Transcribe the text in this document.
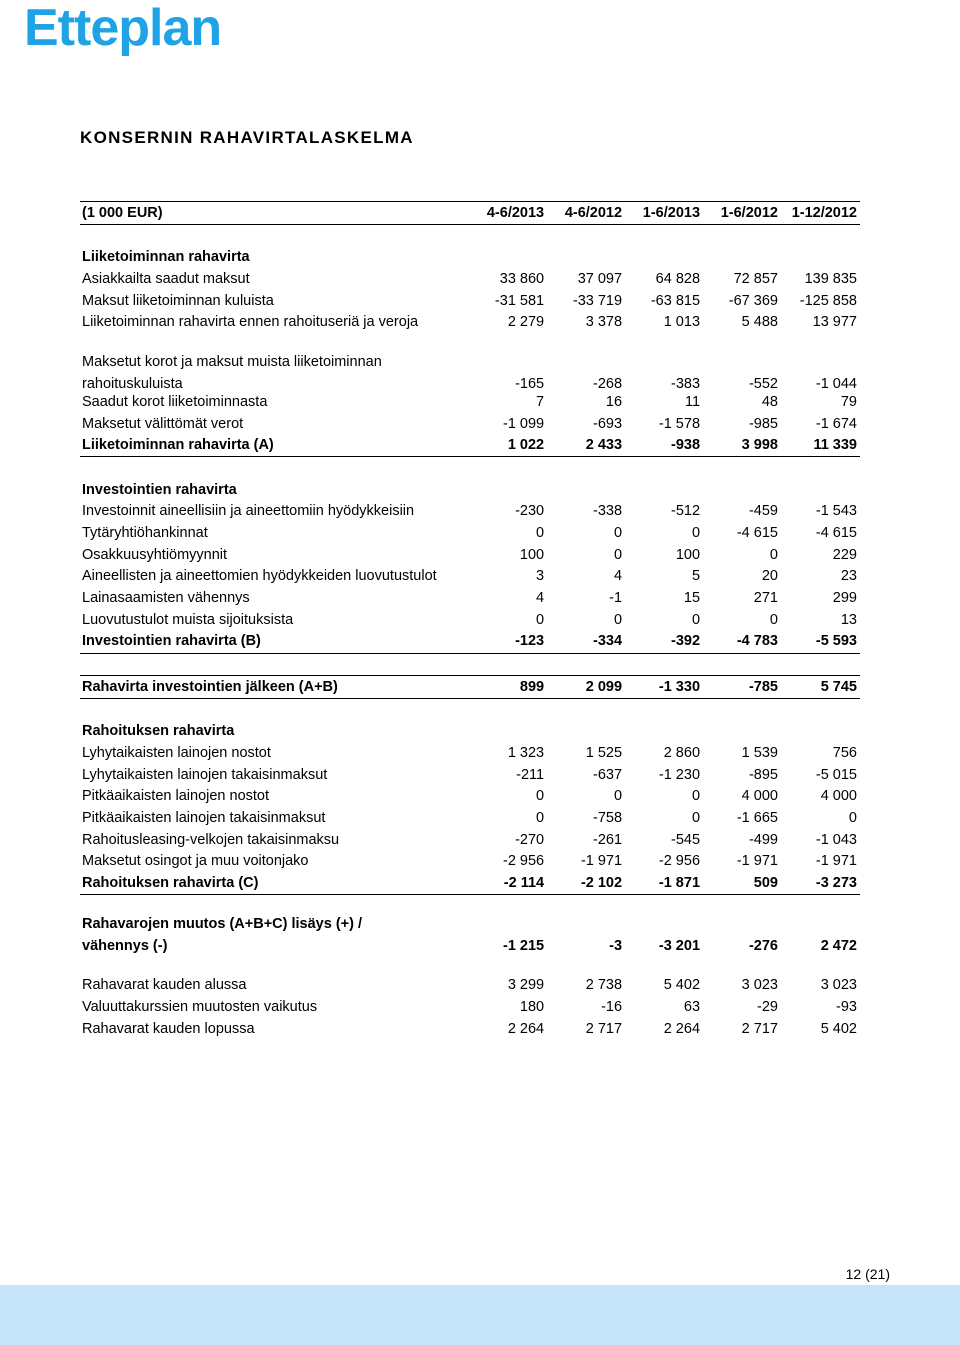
Etteplan
KONSERNIN RAHAVIRTALASKELMA
(1 000 EUR)	4-6/2013	4-6/2012	1-6/2013	1-6/2012	1-12/2012

Liiketoiminnan rahavirta					
Asiakkailta saadut maksut	33 860	37 097	64 828	72 857	139 835
Maksut liiketoiminnan kuluista	-31 581	-33 719	-63 815	-67 369	-125 858
Liiketoiminnan rahavirta ennen rahoituseriä ja veroja	2 279	3 378	1 013	5 488	13 977

Maksetut korot ja maksut muista liiketoiminnan
rahoituskuluista	-165	-268	-383	-552	-1 044

Saadut korot liiketoiminnasta	7	16	11	48	79
Maksetut välittömät verot	-1 099	-693	-1 578	-985	-1 674
Liiketoiminnan rahavirta (A)	1 022	2 433	-938	3 998	11 339

Investointien rahavirta					
Investoinnit aineellisiin ja aineettomiin hyödykkeisiin	-230	-338	-512	-459	-1 543
Tytäryhtiöhankinnat	0	0	0	-4 615	-4 615
Osakkuusyhtiömyynnit	100	0	100	0	229
Aineellisten ja aineettomien hyödykkeiden luovutustulot	3	4	5	20	23
Lainasaamisten vähennys	4	-1	15	271	299
Luovutustulot muista sijoituksista	0	0	0	0	13
Investointien rahavirta (B)	-123	-334	-392	-4 783	-5 593

Rahavirta investointien jälkeen (A+B)	899	2 099	-1 330	-785	5 745

Rahoituksen rahavirta					
Lyhytaikaisten lainojen nostot	1 323	1 525	2 860	1 539	756
Lyhytaikaisten lainojen takaisinmaksut	-211	-637	-1 230	-895	-5 015
Pitkäaikaisten lainojen nostot	0	0	0	4 000	4 000
Pitkäaikaisten lainojen takaisinmaksut	0	-758	0	-1 665	0
Rahoitusleasing-velkojen takaisinmaksu	-270	-261	-545	-499	-1 043
Maksetut osingot ja muu voitonjako	-2 956	-1 971	-2 956	-1 971	-1 971
Rahoituksen rahavirta (C)	-2 114	-2 102	-1 871	509	-3 273

Rahavarojen muutos (A+B+C) lisäys (+) /
vähennys (-)	-1 215	-3	-3 201	-276	2 472

Rahavarat kauden alussa	3 299	2 738	5 402	3 023	3 023
Valuuttakurssien muutosten vaikutus	180	-16	63	-29	-93
Rahavarat kauden lopussa	2 264	2 717	2 264	2 717	5 402
12 (21)
